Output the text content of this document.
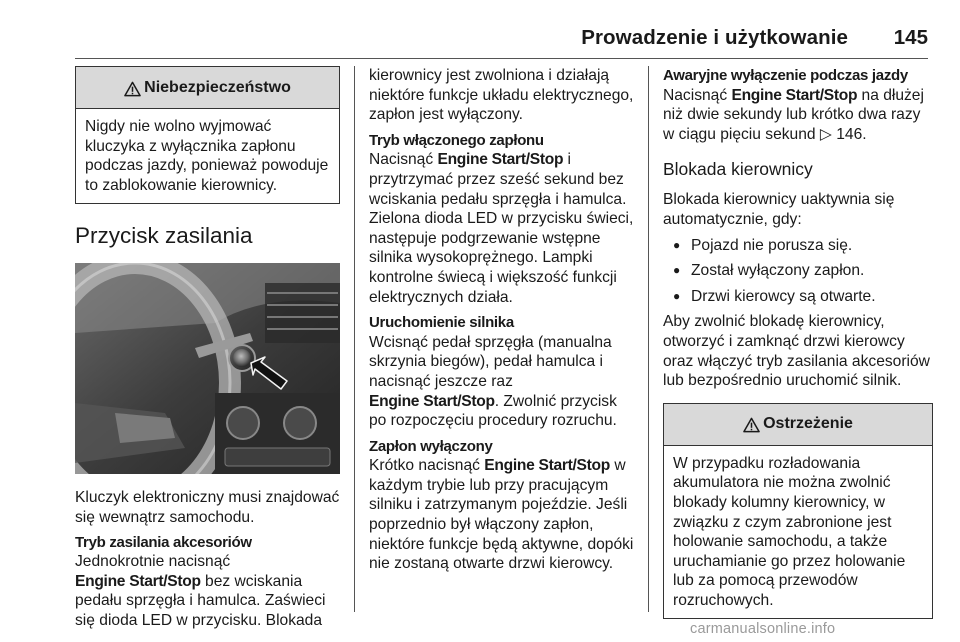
Prowadzenie i użytkowanie 145
Niebezpieczeństwo
Nigdy nie wolno wyjmować kluczyka z wyłącznika zapłonu podczas jazdy, ponieważ powoduje to zablokowanie kierownicy.
Przycisk zasilania

Kluczyk elektroniczny musi znajdować się wewnątrz samochodu.

Tryb zasilania akcesoriów

Jednokrotnie nacisnąć
Engine Start/Stop bez wciskania pedału sprzęgła i hamulca. Zaświeci się dioda LED w przycisku. Blokada

Awaryjne wyłączenie podczas jazdy

Nacisnąć Engine Start/Stop na dłużej niż dwie sekundy lub krótko dwa razy w ciągu pięciu sekund ▷ 146.

Blokada kierownicy

Blokada kierownicy uaktywnia się automatycznie, gdy:

● Pojazd nie porusza się.
● Został wyłączony zapłon.
● Drzwi kierowcy są otwarte.

Aby zwolnić blokadę kierownicy, otworzyć i zamknąć drzwi kierowcy oraz włączyć tryb zasilania akcesoriów lub bezpośrednio uruchomić silnik.

Ostrzeżenie
W przypadku rozładowania akumulatora nie można zwolnić blokady kolumny kierownicy, w związku z czym zabronione jest holowanie samochodu, a także uruchamianie go przez holowanie lub za pomocą przewodów rozruchowych.

kierownicy jest zwolniona i działają niektóre funkcje układu elektrycznego, zapłon jest wyłączony.

Tryb włączonego zapłonu

Nacisnąć Engine Start/Stop i przytrzymać przez sześć sekund bez wciskania pedału sprzęgła i hamulca. Zielona dioda LED w przycisku świeci, następuje podgrzewanie wstępne silnika wysokoprężnego. Lampki kontrolne świecą i większość funkcji elektrycznych działa.

Uruchomienie silnika

Wcisnąć pedał sprzęgła (manualna skrzynia biegów), pedał hamulca i nacisnąć jeszcze raz
Engine Start/Stop. Zwolnić przycisk po rozpoczęciu procedury rozruchu.

Zapłon wyłączony

Krótko nacisnąć Engine Start/Stop w każdym trybie lub przy pracującym silniku i zatrzymanym pojeździe. Jeśli poprzednio był włączony zapłon, niektóre funkcje będą aktywne, dopóki nie zostaną otwarte drzwi kierowcy.

carmanualsonline.info
